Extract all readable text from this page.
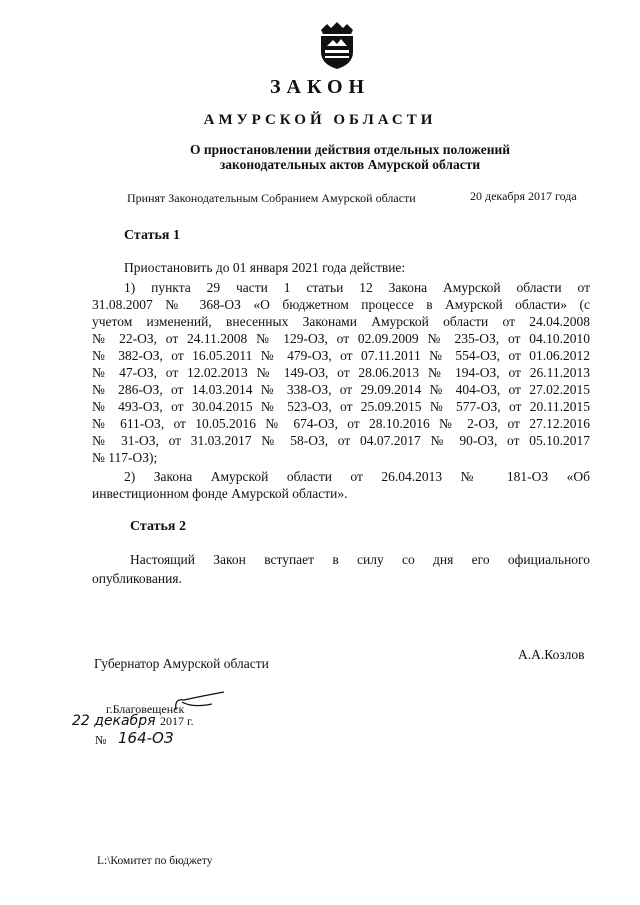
ЗАКОН
АМУРСКОЙ ОБЛАСТИ
О приостановлении действия отдельных положений
законодательных актов Амурской области
Принят Законодательным Собранием Амурской области	20 декабря 2017 года
Статья 1
Приостановить до 01 января 2021 года действие:
1) пункта 29 части 1 статьи 12 Закона Амурской области от
31.08.2007 № 368-ОЗ «О бюджетном процессе в Амурской области» (с
учетом изменений, внесенных Законами Амурской области от 24.04.2008
№ 22-ОЗ, от 24.11.2008 № 129-ОЗ, от 02.09.2009 № 235-ОЗ, от 04.10.2010
№ 382-ОЗ, от 16.05.2011 № 479-ОЗ, от 07.11.2011 № 554-ОЗ, от 01.06.2012
№ 47-ОЗ, от 12.02.2013 № 149-ОЗ, от 28.06.2013 № 194-ОЗ, от 26.11.2013
№ 286-ОЗ, от 14.03.2014 № 338-ОЗ, от 29.09.2014 № 404-ОЗ, от 27.02.2015
№ 493-ОЗ, от 30.04.2015 № 523-ОЗ, от 25.09.2015 № 577-ОЗ, от 20.11.2015
№ 611-ОЗ, от 10.05.2016 № 674-ОЗ, от 28.10.2016 № 2-ОЗ, от 27.12.2016
№ 31-ОЗ, от 31.03.2017 № 58-ОЗ, от 04.07.2017 № 90-ОЗ, от 05.10.2017
№ 117-ОЗ);
2) Закона Амурской области от 26.04.2013 № 181-ОЗ «Об
инвестиционном фонде Амурской области».
Статья 2
Настоящий Закон вступает в силу со дня его официального
опубликования.
Губернатор Амурской области
А.А.Козлов
г.Благовещенск
22 декабря 2017 г.
№ 164-ОЗ
L:\Комитет по бюджету
